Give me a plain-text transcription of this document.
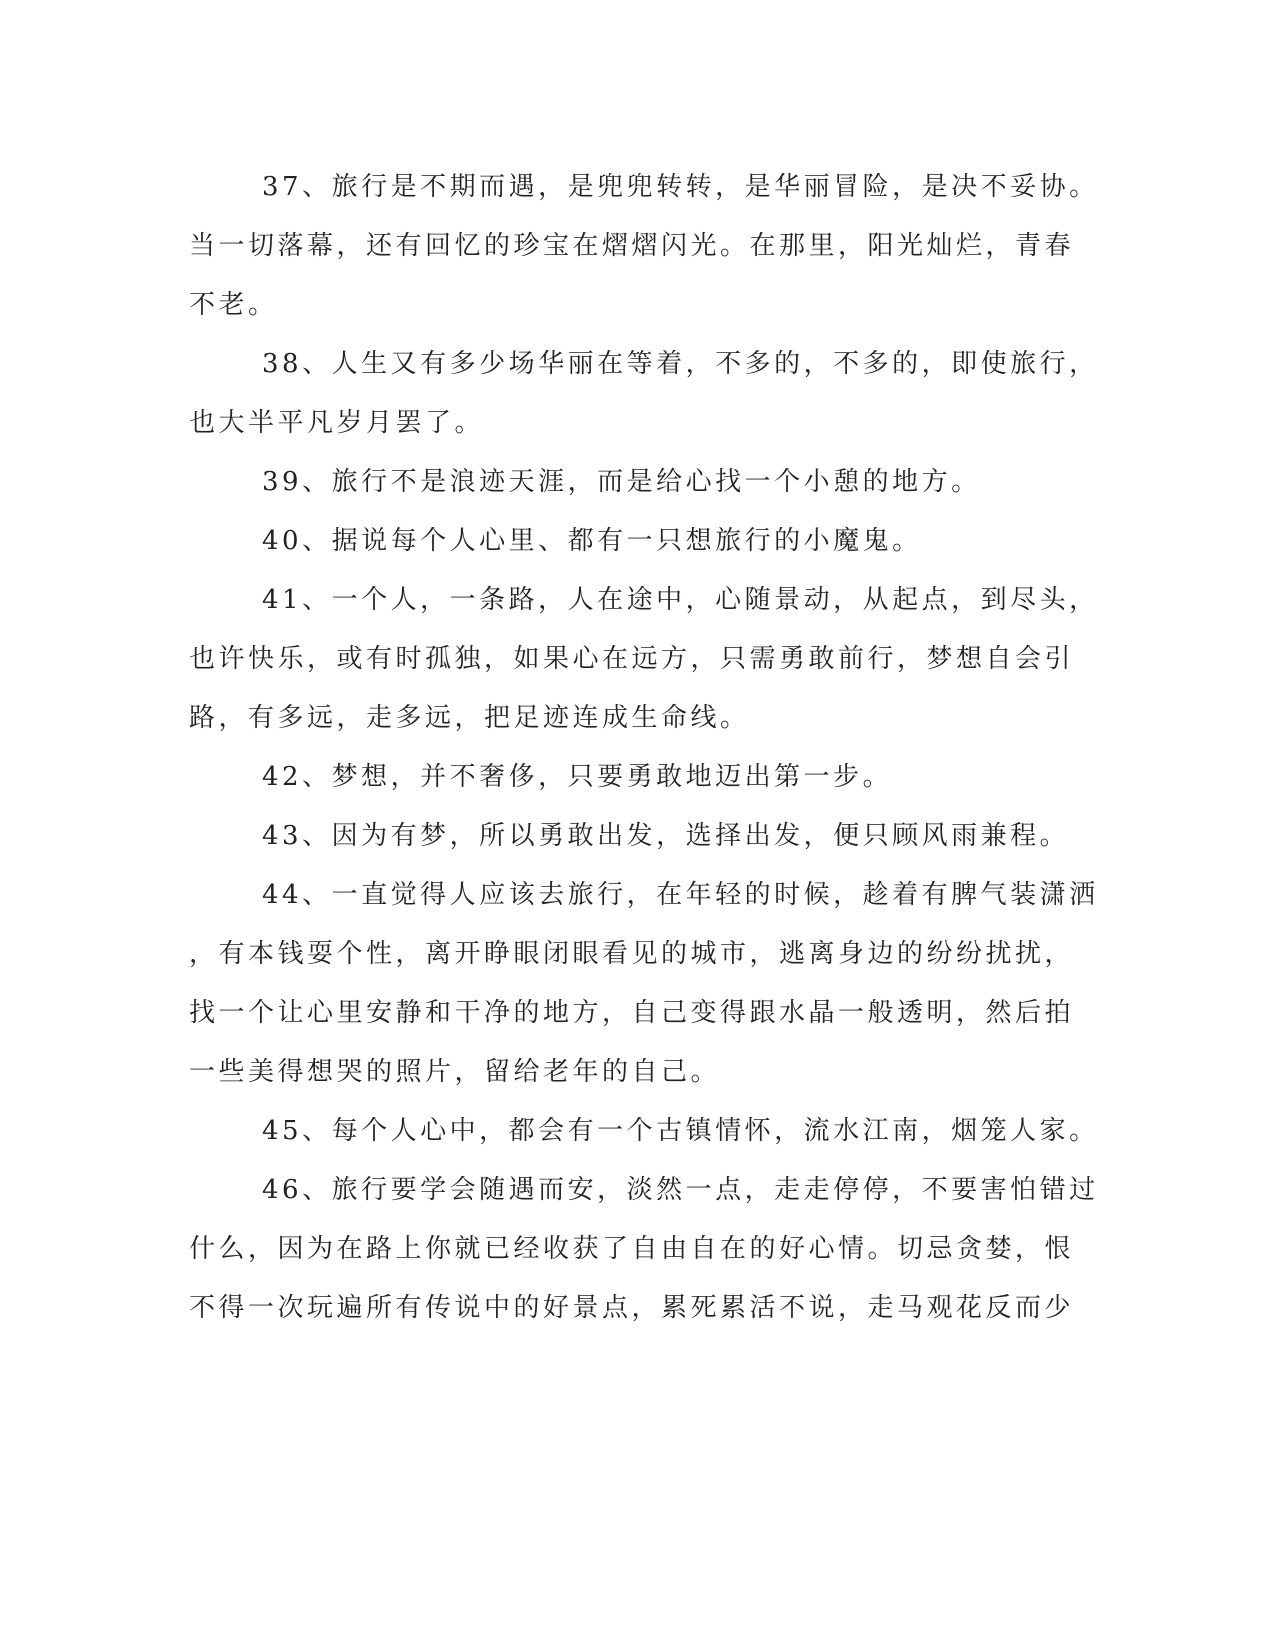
37、旅行是不期而遇，是兜兜转转，是华丽冒险，是决不妥协。
当一切落幕，还有回忆的珍宝在熠熠闪光。在那里，阳光灿烂，青春
不老。

38、人生又有多少场华丽在等着，不多的，不多的，即使旅行，
也大半平凡岁月罢了。

39、旅行不是浪迹天涯，而是给心找一个小憩的地方。

40、据说每个人心里、都有一只想旅行的小魔鬼。

41、一个人，一条路，人在途中，心随景动，从起点，到尽头，
也许快乐，或有时孤独，如果心在远方，只需勇敢前行，梦想自会引
路，有多远，走多远，把足迹连成生命线。

42、梦想，并不奢侈，只要勇敢地迈出第一步。

43、因为有梦，所以勇敢出发，选择出发，便只顾风雨兼程。

44、一直觉得人应该去旅行，在年轻的时候，趁着有脾气装潇洒
，有本钱耍个性，离开睁眼闭眼看见的城市，逃离身边的纷纷扰扰，
找一个让心里安静和干净的地方，自己变得跟水晶一般透明，然后拍
一些美得想哭的照片，留给老年的自己。

45、每个人心中，都会有一个古镇情怀，流水江南，烟笼人家。

46、旅行要学会随遇而安，淡然一点，走走停停，不要害怕错过
什么，因为在路上你就已经收获了自由自在的好心情。切忌贪婪，恨
不得一次玩遍所有传说中的好景点，累死累活不说，走马观花反而少
